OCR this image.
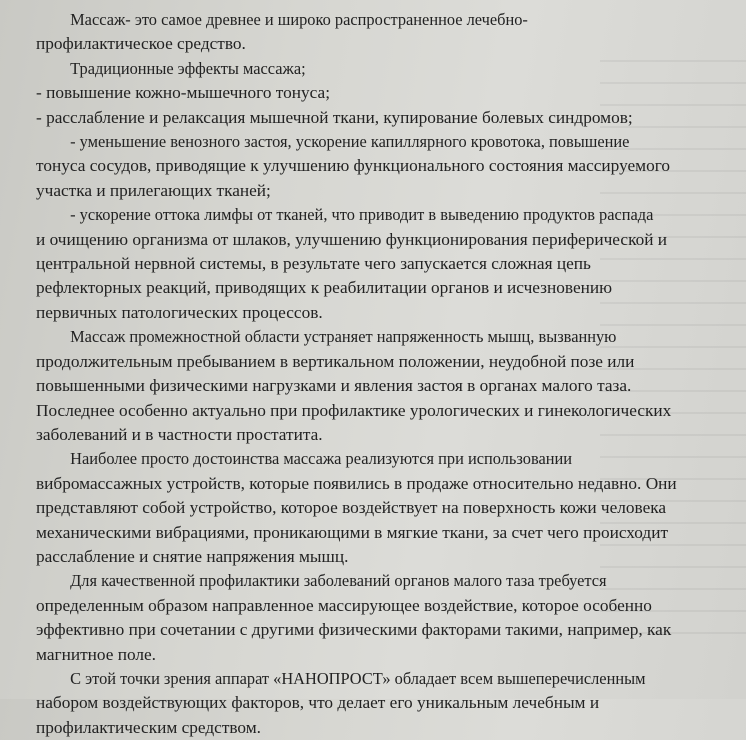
Массаж- это самое древнее и широко распространенное лечебно-
профилактическое средство.
Традиционные эффекты массажа;
- повышение кожно-мышечного тонуса;
- расслабление и релаксация мышечной ткани, купирование болевых синдромов;
- уменьшение венозного застоя, ускорение капиллярного кровотока, повышение
тонуса сосудов, приводящие к улучшению функционального состояния массируемого
участка и прилегающих тканей;
- ускорение оттока лимфы от тканей, что приводит в выведению продуктов распада
и очищению организма от шлаков, улучшению функционирования периферической и
центральной нервной системы, в результате чего запускается сложная цепь
рефлекторных реакций, приводящих к реабилитации органов и исчезновению
первичных патологических процессов.
Массаж промежностной области устраняет напряженность мышц, вызванную
продолжительным пребыванием в вертикальном положении, неудобной позе или
повышенными физическими нагрузками и явления застоя в органах малого таза.
Последнее особенно актуально при профилактике урологических и гинекологических
заболеваний и в частности простатита.
Наиболее просто достоинства массажа реализуются при использовании
вибромассажных устройств, которые появились в продаже относительно недавно. Они
представляют собой устройство, которое воздействует на поверхность кожи человека
механическими вибрациями, проникающими в мягкие ткани, за счет чего происходит
расслабление и снятие напряжения мышц.
Для качественной профилактики заболеваний органов малого таза требуется
определенным образом направленное массирующее воздействие, которое особенно
эффективно при сочетании с другими физическими факторами такими, например, как
магнитное поле.
С этой точки зрения аппарат «НАНОПРОСТ» обладает всем вышеперечисленным
набором воздействующих факторов, что делает его уникальным лечебным и
профилактическим средством.
